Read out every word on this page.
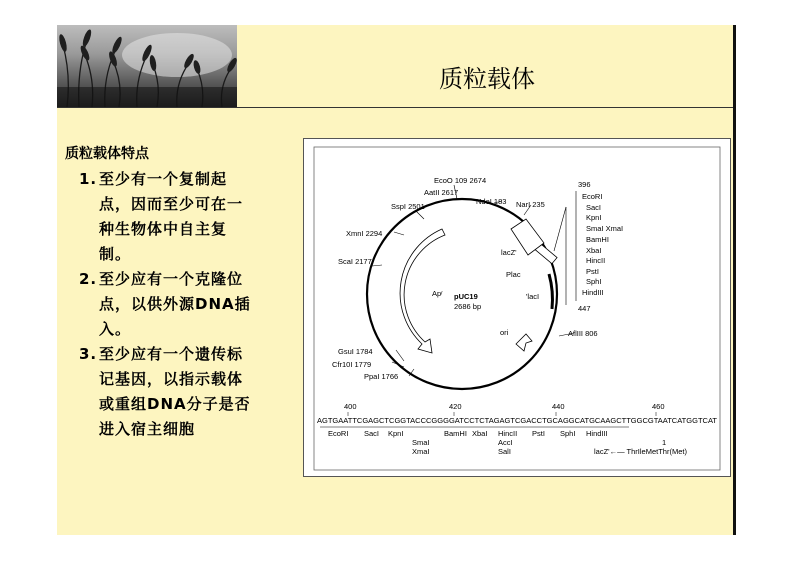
质粒载体
质粒载体特点
1. 至少有一个复制起
点，因而至少可在一
种生物体中自主复
制。
2. 至少应有一个克隆位
点，以供外源DNA插
入。
3. 至少应有一个遗传标
记基因，以指示载体
或重组DNA分子是否
进入宿主细胞
EcoO 109 2674
AatII 2617
SspI 2501
NdeI 183 NarI 235
XmnI 2294
ScaI 2177
GsuI 1784
Cfr10I 1779
PpaI 1766
AflIII 806
Apʳ pUC19
2686 bp
lacZ'
Plac
'lacI
ori
396
447
EcoRI
SacI
KpnI
SmaI XmaI
BamHI
XbaI
HincII
PstI
SphI
HindIII
400	420	440	460
AGTGAATTCGAGCTCGGTACCCGGGGATCCTCTAGAGTCGACCTGCAGGCATGCAAGCTTGGCGTAATCATGGTCAT
EcoRI SacI KpnI	BamHI XbaI HincII PstI SphI HindIII
SmaI	AccI
XmaI	SalI
1
lacZ'←— ThrIleMetThr(Met)
